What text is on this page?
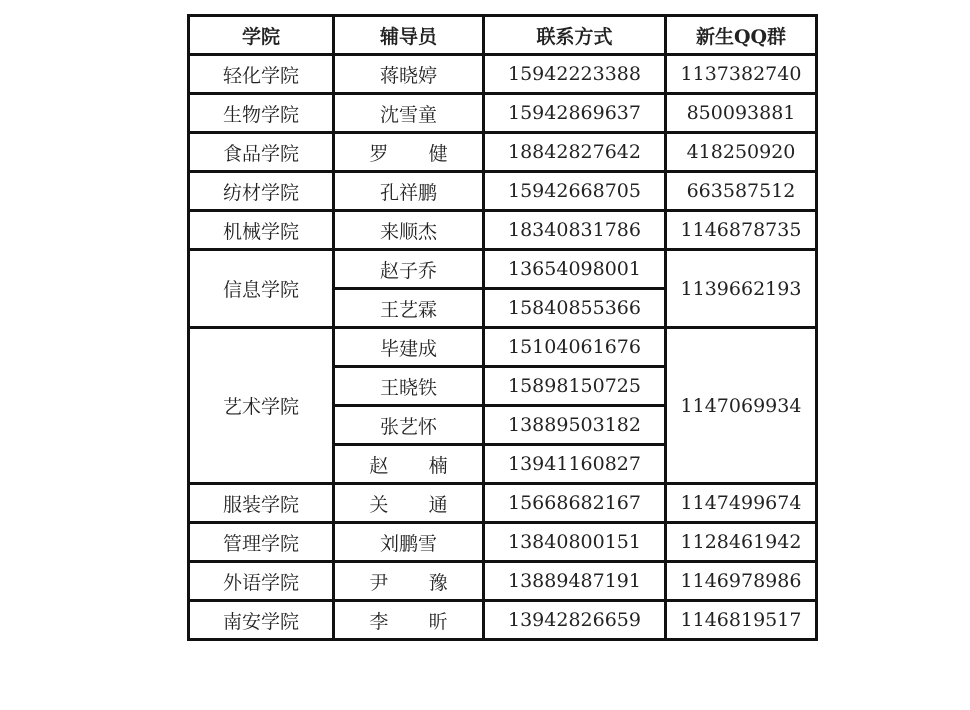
学院	辅导员	联系方式	新生QQ群
轻化学院	蒋晓婷	15942223388	1137382740
生物学院	沈雪童	15942869637	850093881
食品学院	罗 健	18842827642	418250920
纺材学院	孔祥鹏	15942668705	663587512
机械学院	来顺杰	18340831786	1146878735
信息学院	赵子乔	13654098001	1139662193
	王艺霖	15840855366	
艺术学院	毕建成	15104061676	1147069934
	王晓铁	15898150725	
	张艺怀	13889503182	
	赵 楠	13941160827	
服装学院	关 通	15668682167	1147499674
管理学院	刘鹏雪	13840800151	1128461942
外语学院	尹 豫	13889487191	1146978986
南安学院	李 昕	13942826659	1146819517
